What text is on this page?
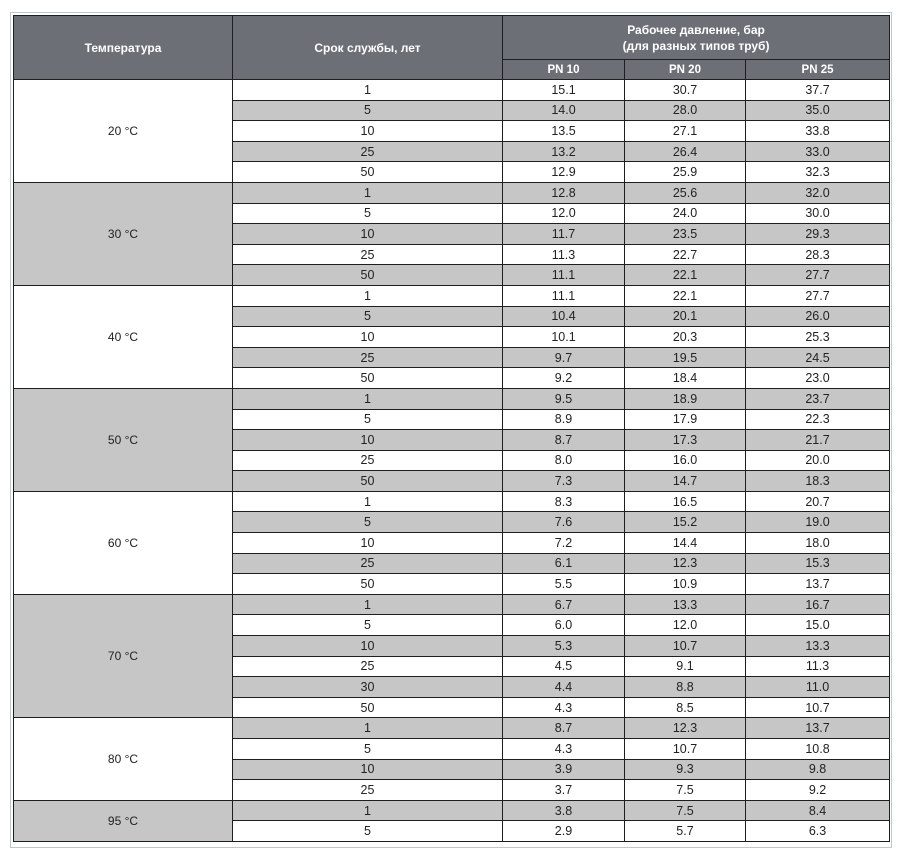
Температура	Срок службы, лет	Рабочее давление, бар
(для разных типов труб)		
		PN 10	PN 20	PN 25
20 °C	1	15.1	30.7	37.7
	5	14.0	28.0	35.0
	10	13.5	27.1	33.8
	25	13.2	26.4	33.0
	50	12.9	25.9	32.3
30 °C	1	12.8	25.6	32.0
	5	12.0	24.0	30.0
	10	11.7	23.5	29.3
	25	11.3	22.7	28.3
	50	11.1	22.1	27.7
40 °C	1	11.1	22.1	27.7
	5	10.4	20.1	26.0
	10	10.1	20.3	25.3
	25	9.7	19.5	24.5
	50	9.2	18.4	23.0
50 °C	1	9.5	18.9	23.7
	5	8.9	17.9	22.3
	10	8.7	17.3	21.7
	25	8.0	16.0	20.0
	50	7.3	14.7	18.3
60 °C	1	8.3	16.5	20.7
	5	7.6	15.2	19.0
	10	7.2	14.4	18.0
	25	6.1	12.3	15.3
	50	5.5	10.9	13.7
70 °C	1	6.7	13.3	16.7
	5	6.0	12.0	15.0
	10	5.3	10.7	13.3
	25	4.5	9.1	11.3
	30	4.4	8.8	11.0
	50	4.3	8.5	10.7
80 °C	1	8.7	12.3	13.7
	5	4.3	10.7	10.8
	10	3.9	9.3	9.8
	25	3.7	7.5	9.2
95 °C	1	3.8	7.5	8.4
	5	2.9	5.7	6.3
